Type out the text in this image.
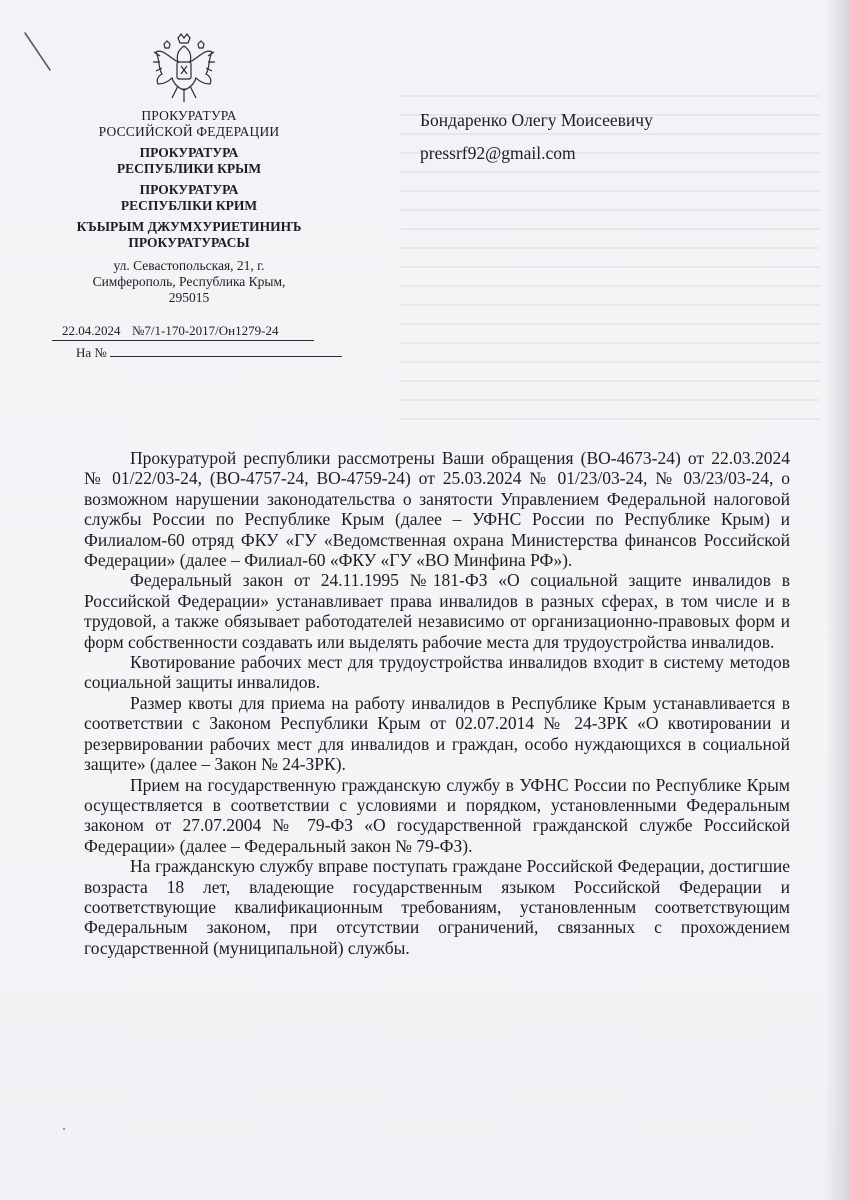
ПРОКУРАТУРА
РОССИЙСКОЙ ФЕДЕРАЦИИ
ПРОКУРАТУРА
РЕСПУБЛИКИ КРЫМ
ПРОКУРАТУРА
РЕСПУБЛІКИ КРИМ
КЪЫРЫМ ДЖУМХУРИЕТИНИНЪ
ПРОКУРАТУРАСЫ
ул. Севастопольская, 21, г.
Симферополь, Республика Крым,
295015
22.04.2024 №7/1-170-2017/Он1279-24
На №
Бондаренко Олегу Моисеевичу
pressrf92@gmail.com

Прокуратурой республики рассмотрены Ваши обращения (ВО-4673-24) от 22.03.2024 № 01/22/03-24, (ВО-4757-24, ВО-4759-24) от 25.03.2024 № 01/23/03-24, № 03/23/03-24, о возможном нарушении законодательства о занятости Управлением Федеральной налоговой службы России по Республике Крым (далее – УФНС России по Республике Крым) и Филиалом-60 отряд ФКУ «ГУ «Ведомственная охрана Министерства финансов Российской Федерации» (далее – Филиал-60 «ФКУ «ГУ «ВО Минфина РФ»).

Федеральный закон от 24.11.1995 №181-ФЗ «О социальной защите инвалидов в Российской Федерации» устанавливает права инвалидов в разных сферах, в том числе и в трудовой, а также обязывает работодателей независимо от организационно-правовых форм и форм собственности создавать или выделять рабочие места для трудоустройства инвалидов.

Квотирование рабочих мест для трудоустройства инвалидов входит в систему методов социальной защиты инвалидов.

Размер квоты для приема на работу инвалидов в Республике Крым устанавливается в соответствии с Законом Республики Крым от 02.07.2014 № 24-ЗРК «О квотировании и резервировании рабочих мест для инвалидов и граждан, особо нуждающихся в социальной защите» (далее – Закон № 24-ЗРК).

Прием на государственную гражданскую службу в УФНС России по Республике Крым осуществляется в соответствии с условиями и порядком, установленными Федеральным законом от 27.07.2004 № 79-ФЗ «О государственной гражданской службе Российской Федерации» (далее – Федеральный закон № 79-ФЗ).

На гражданскую службу вправе поступать граждане Российской Федерации, достигшие возраста 18 лет, владеющие государственным языком Российской Федерации и соответствующие квалификационным требованиям, установленным соответствующим Федеральным законом, при отсутствии ограничений, связанных с прохождением государственной (муниципальной) службы.
